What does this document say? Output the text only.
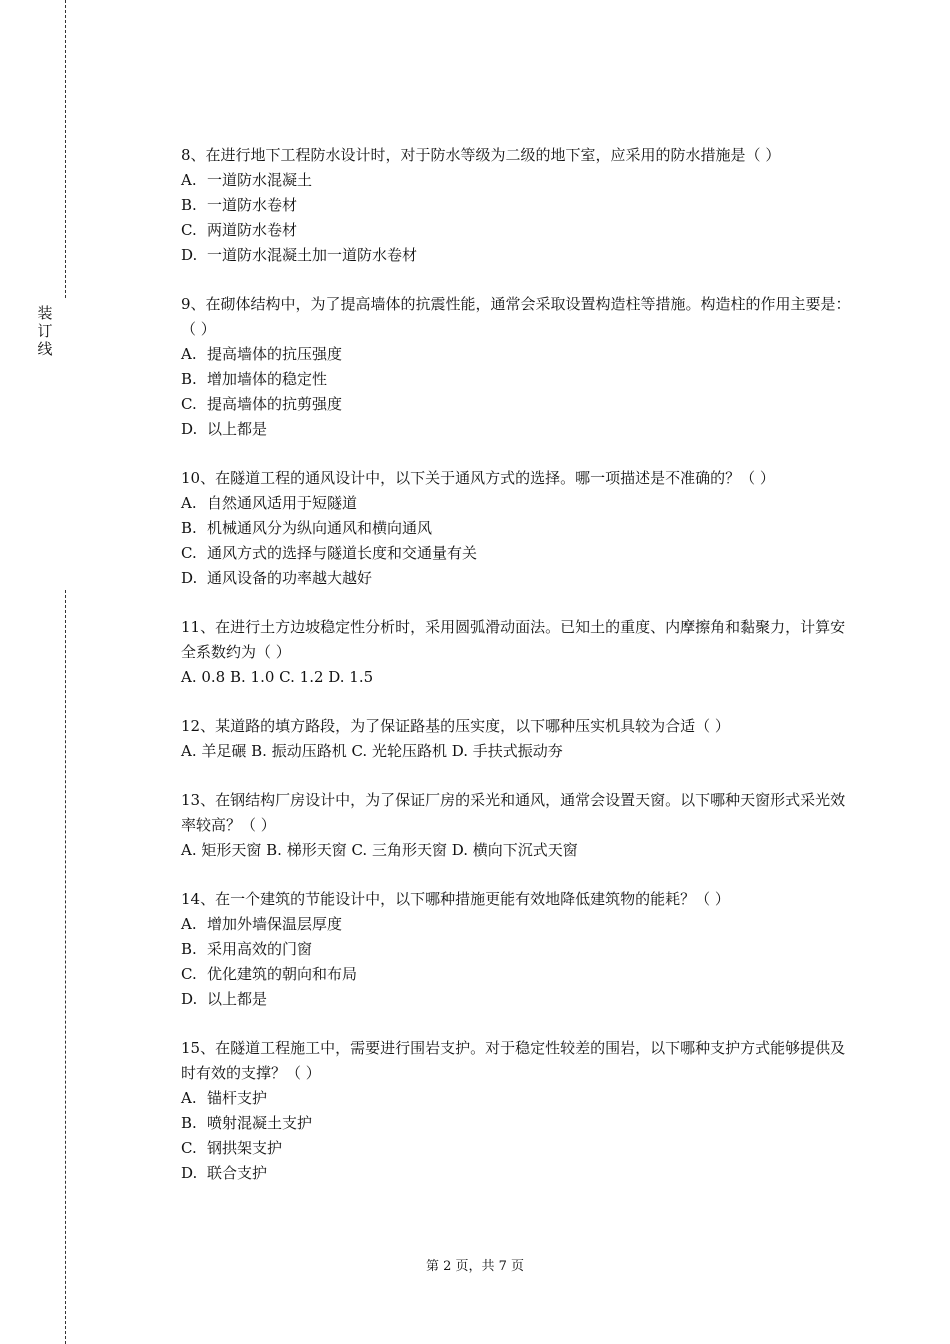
装
订
线
8、在进行地下工程防水设计时，对于防水等级为二级的地下室，应采用的防水措施是（ ）
A. 一道防水混凝土
B. 一道防水卷材
C. 两道防水卷材
D. 一道防水混凝土加一道防水卷材
9、在砌体结构中，为了提高墙体的抗震性能，通常会采取设置构造柱等措施。构造柱的作用主要是：（ ）
A. 提高墙体的抗压强度
B. 增加墙体的稳定性
C. 提高墙体的抗剪强度
D. 以上都是
10、在隧道工程的通风设计中，以下关于通风方式的选择。哪一项描述是不准确的？（ ）
A. 自然通风适用于短隧道
B. 机械通风分为纵向通风和横向通风
C. 通风方式的选择与隧道长度和交通量有关
D. 通风设备的功率越大越好
11、在进行土方边坡稳定性分析时，采用圆弧滑动面法。已知土的重度、内摩擦角和黏聚力，计算安全系数约为（ ）
A. 0.8 B. 1.0 C. 1.2 D. 1.5
12、某道路的填方路段，为了保证路基的压实度，以下哪种压实机具较为合适（ ）
A. 羊足碾 B. 振动压路机 C. 光轮压路机 D. 手扶式振动夯
13、在钢结构厂房设计中，为了保证厂房的采光和通风，通常会设置天窗。以下哪种天窗形式采光效率较高？（ ）
A. 矩形天窗 B. 梯形天窗 C. 三角形天窗 D. 横向下沉式天窗
14、在一个建筑的节能设计中，以下哪种措施更能有效地降低建筑物的能耗？（ ）
A. 增加外墙保温层厚度
B. 采用高效的门窗
C. 优化建筑的朝向和布局
D. 以上都是
15、在隧道工程施工中，需要进行围岩支护。对于稳定性较差的围岩，以下哪种支护方式能够提供及时有效的支撑？（ ）
A. 锚杆支护
B. 喷射混凝土支护
C. 钢拱架支护
D. 联合支护
第 2 页，共 7 页
